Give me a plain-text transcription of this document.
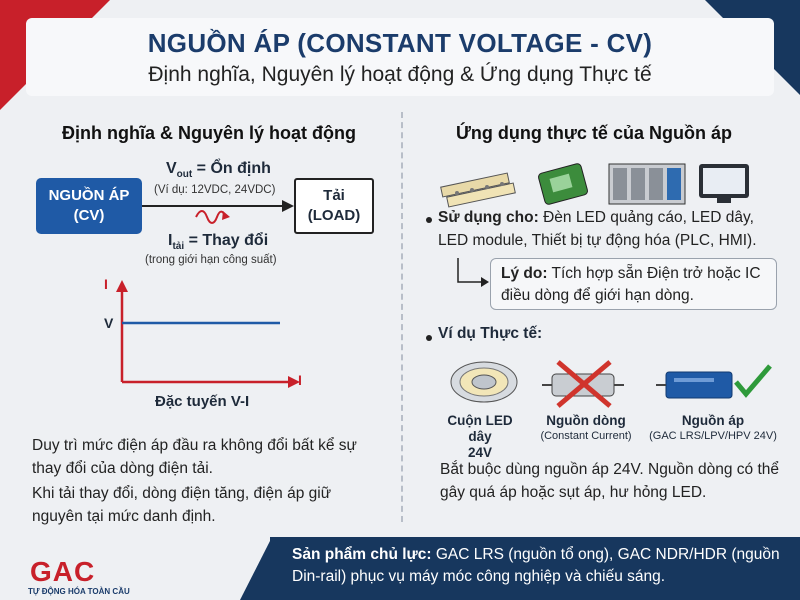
NGUỒN ÁP (CONSTANT VOLTAGE - CV)
Định nghĩa, Nguyên lý hoạt động & Ứng dụng Thực tế
Định nghĩa & Nguyên lý hoạt động
NGUỒN ÁP
(CV)
Tải
(LOAD)
$V_{out}$ = Ổn định
(Ví dụ: 12VDC, 24VDC)
$I_{tải}$ = Thay đổi
(trong giới hạn công suất)
I
V
I
Đặc tuyến V-I
Duy trì mức điện áp đầu ra không đổi bất kể sự thay đổi của dòng điện tải.
Khi tải thay đổi, dòng điện tăng, điện áp giữ nguyên tại mức danh định.
Ứng dụng thực tế của Nguồn áp
Sử dụng cho: Đèn LED quảng cáo, LED dây, LED module, Thiết bị tự động hóa (PLC, HMI).
Lý do: Tích hợp sẵn Điện trở hoặc IC điều dòng để giới hạn dòng.
Ví dụ Thực tế:
Cuộn LED dây
24V
Nguồn dòng
(Constant Current)
Nguồn áp
(GAC LRS/LPV/HPV 24V)
Bắt buộc dùng nguồn áp 24V. Nguồn dòng có thể gây quá áp hoặc sụt áp, hư hỏng LED.
Sản phẩm chủ lực: GAC LRS (nguồn tổ ong), GAC NDR/HDR (nguồn Din-rail) phục vụ máy móc công nghiệp và chiếu sáng.
GAC
TỰ ĐỘNG HÓA TOÀN CẦU
